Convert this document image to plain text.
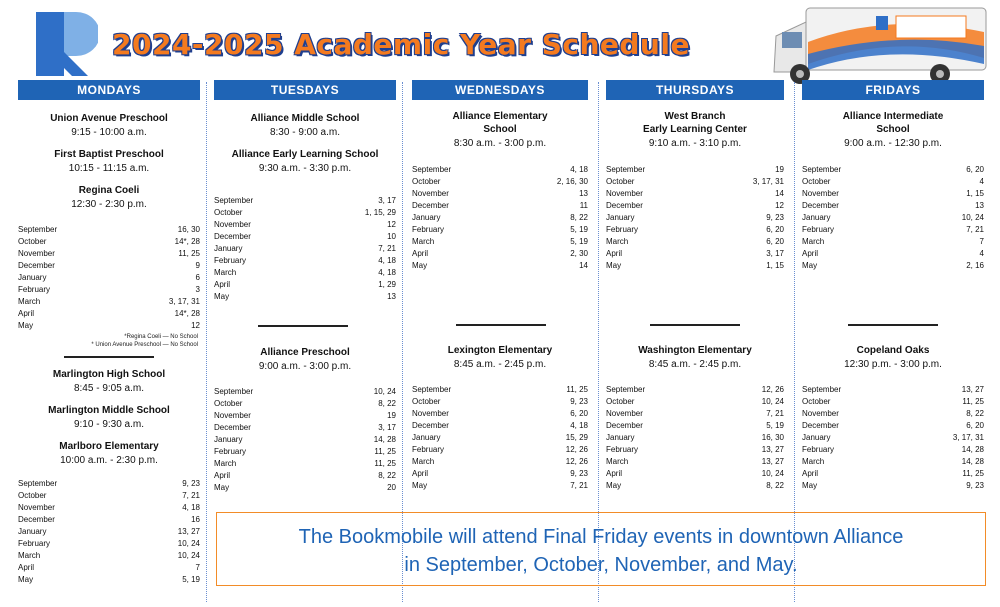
2024-2025 Academic Year Schedule
MONDAYS
Union Avenue Preschool
9:15 - 10:00 a.m.
First Baptist Preschool
10:15 - 11:15 a.m.
Regina Coeli
12:30 - 2:30 p.m.
September	16, 30
October	14*, 28
November	11, 25
December	9
January	6
February	3
March	3, 17, 31
April	14*, 28
May	12
*Regina Coeli — No School
* Union Avenue Preschool — No School
Marlington High School
8:45 - 9:05 a.m.
Marlington Middle School
9:10 - 9:30 a.m.
Marlboro Elementary
10:00 a.m. - 2:30 p.m.
September	9, 23
October	7, 21
November	4, 18
December	16
January	13, 27
February	10, 24
March	10, 24
April	7
May	5, 19
TUESDAYS
Alliance Middle School
8:30 - 9:00 a.m.
Alliance Early Learning School
9:30 a.m. - 3:30 p.m.
September	3, 17
October	1, 15, 29
November	12
December	10
January	7, 21
February	4, 18
March	4, 18
April	1, 29
May	13
Alliance Preschool
9:00 a.m. - 3:00 p.m.
September	10, 24
October	8, 22
November	19
December	3, 17
January	14, 28
February	11, 25
March	11, 25
April	8, 22
May	20
WEDNESDAYS
Alliance Elementary
School
8:30 a.m. - 3:00 p.m.
September	4, 18
October	2, 16, 30
November	13
December	11
January	8, 22
February	5, 19
March	5, 19
April	2, 30
May	14
Lexington Elementary
8:45 a.m. - 2:45 p.m.
September	11, 25
October	9, 23
November	6, 20
December	4, 18
January	15, 29
February	12, 26
March	12, 26
April	9, 23
May	7, 21
THURSDAYS
West Branch
Early Learning Center
9:10 a.m. - 3:10 p.m.
September	19
October	3, 17, 31
November	14
December	12
January	9, 23
February	6, 20
March	6, 20
April	3, 17
May	1, 15
Washington Elementary
8:45 a.m. - 2:45 p.m.
September	12, 26
October	10, 24
November	7, 21
December	5, 19
January	16, 30
February	13, 27
March	13, 27
April	10, 24
May	8, 22
FRIDAYS
Alliance Intermediate
School
9:00 a.m. - 12:30 p.m.
September	6, 20
October	4
November	1, 15
December	13
January	10, 24
February	7, 21
March	7
April	4
May	2, 16
Copeland Oaks
12:30 p.m. - 3:00 p.m.
September	13, 27
October	11, 25
November	8, 22
December	6, 20
January	3, 17, 31
February	14, 28
March	14, 28
April	11, 25
May	9, 23
The Bookmobile will attend Final Friday events in downtown Alliance
in September, October, November, and May.
